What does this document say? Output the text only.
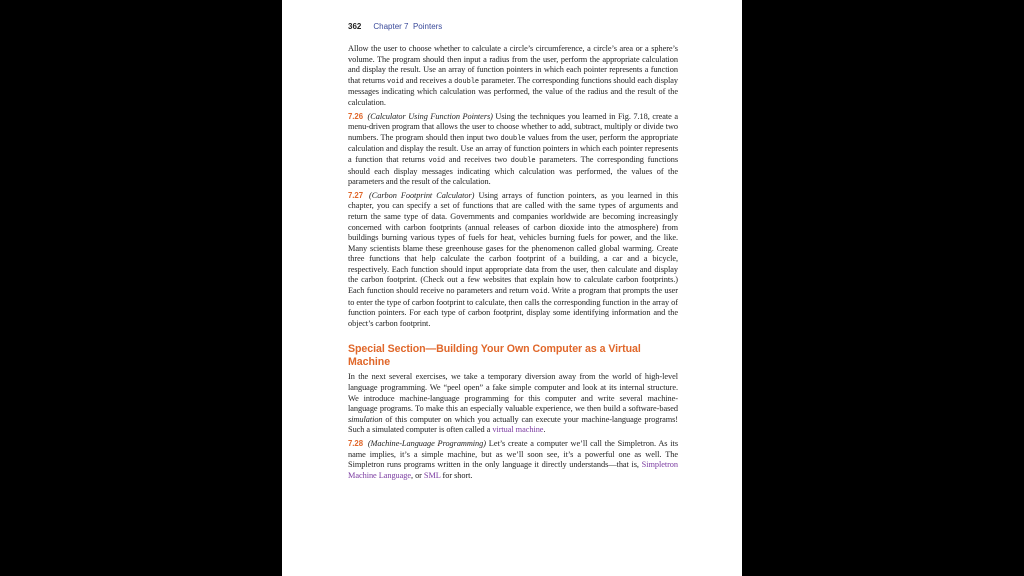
362 Chapter 7 Pointers

Allow the user to choose whether to calculate a circle’s circumference, a circle’s area or a sphere’s volume. The program should then input a radius from the user, perform the appropriate calculation and display the result. Use an array of function pointers in which each pointer represents a function that returns void and receives a double parameter. The corresponding functions should each display messages indicating which calculation was performed, the value of the radius and the result of the calculation.

7.26 (Calculator Using Function Pointers) Using the techniques you learned in Fig. 7.18, create a menu-driven program that allows the user to choose whether to add, subtract, multiply or divide two numbers. The program should then input two double values from the user, perform the appropriate calculation and display the result. Use an array of function pointers in which each pointer represents a function that returns void and receives two double parameters. The corresponding functions should each display messages indicating which calculation was performed, the values of the parameters and the result of the calculation.

7.27 (Carbon Footprint Calculator) Using arrays of function pointers, as you learned in this chapter, you can specify a set of functions that are called with the same types of arguments and return the same type of data. Governments and companies worldwide are becoming increasingly concerned with carbon footprints (annual releases of carbon dioxide into the atmosphere) from buildings burning various types of fuels for heat, vehicles burning fuels for power, and the like. Many scientists blame these greenhouse gases for the phenomenon called global warming. Create three functions that help calculate the carbon footprint of a building, a car and a bicycle, respectively. Each function should input appropriate data from the user, then calculate and display the carbon footprint. (Check out a few websites that explain how to calculate carbon footprints.) Each function should receive no parameters and return void. Write a program that prompts the user to enter the type of carbon footprint to calculate, then calls the corresponding function in the array of function pointers. For each type of carbon footprint, display some identifying information and the object’s carbon footprint.

Special Section—Building Your Own Computer as a Virtual Machine

In the next several exercises, we take a temporary diversion away from the world of high-level language programming. We “peel open” a fake simple computer and look at its internal structure. We introduce machine-language programming for this computer and write several machine-language programs. To make this an especially valuable experience, we then build a software-based simulation of this computer on which you actually can execute your machine-language programs! Such a simulated computer is often called a virtual machine.

7.28 (Machine-Language Programming) Let’s create a computer we’ll call the Simpletron. As its name implies, it’s a simple machine, but as we’ll soon see, it’s a powerful one as well. The Simpletron runs programs written in the only language it directly understands—that is, Simpletron Machine Language, or SML for short.
